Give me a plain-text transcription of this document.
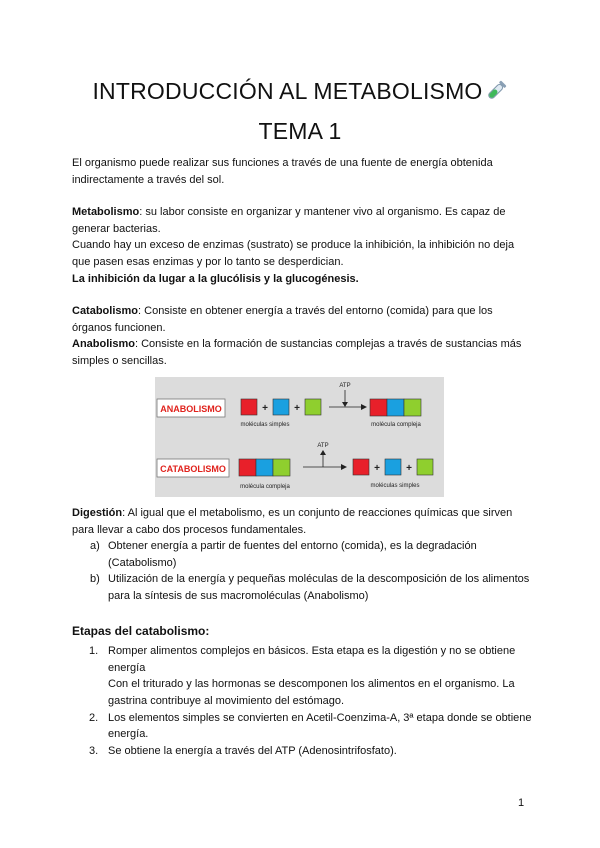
INTRODUCCIÓN AL METABOLISMO
TEMA 1

El organismo puede realizar sus funciones a través de una fuente de energía obtenida indirectamente a través del sol.

Metabolismo: su labor consiste en organizar y mantener vivo al organismo. Es capaz de generar bacterias.

Cuando hay un exceso de enzimas (sustrato) se produce la inhibición, la inhibición no deja que pasen esas enzimas y por lo tanto se desperdician.

La inhibición da lugar a la glucólisis y la glucogénesis.

Catabolismo: Consiste en obtener energía a través del entorno (comida) para que los órganos funcionen.

Anabolismo: Consiste en la formación de sustancias complejas a través de sustancias más simples o sencillas.

ANABOLISMO	+	+
moléculas simples
ATP
molécula compleja
CATABOLISMO
molécula compleja
ATP
+	+
moléculas simples

Digestión: Al igual que el metabolismo, es un conjunto de reacciones químicas que sirven para llevar a cabo dos procesos fundamentales.

a) Obtener energía a partir de fuentes del entorno (comida), es la degradación (Catabolismo)
b) Utilización de la energía y pequeñas moléculas de la descomposición de los alimentos para la síntesis de sus macromoléculas (Anabolismo)

Etapas del catabolismo:

1. Romper alimentos complejos en básicos. Esta etapa es la digestión y no se obtiene energía
Con el triturado y las hormonas se descomponen los alimentos en el organismo. La gastrina contribuye al movimiento del estómago.
2. Los elementos simples se convierten en Acetil-Coenzima-A, 3ª etapa donde se obtiene energía.
3. Se obtiene la energía a través del ATP (Adenosintrifosfato).
1
